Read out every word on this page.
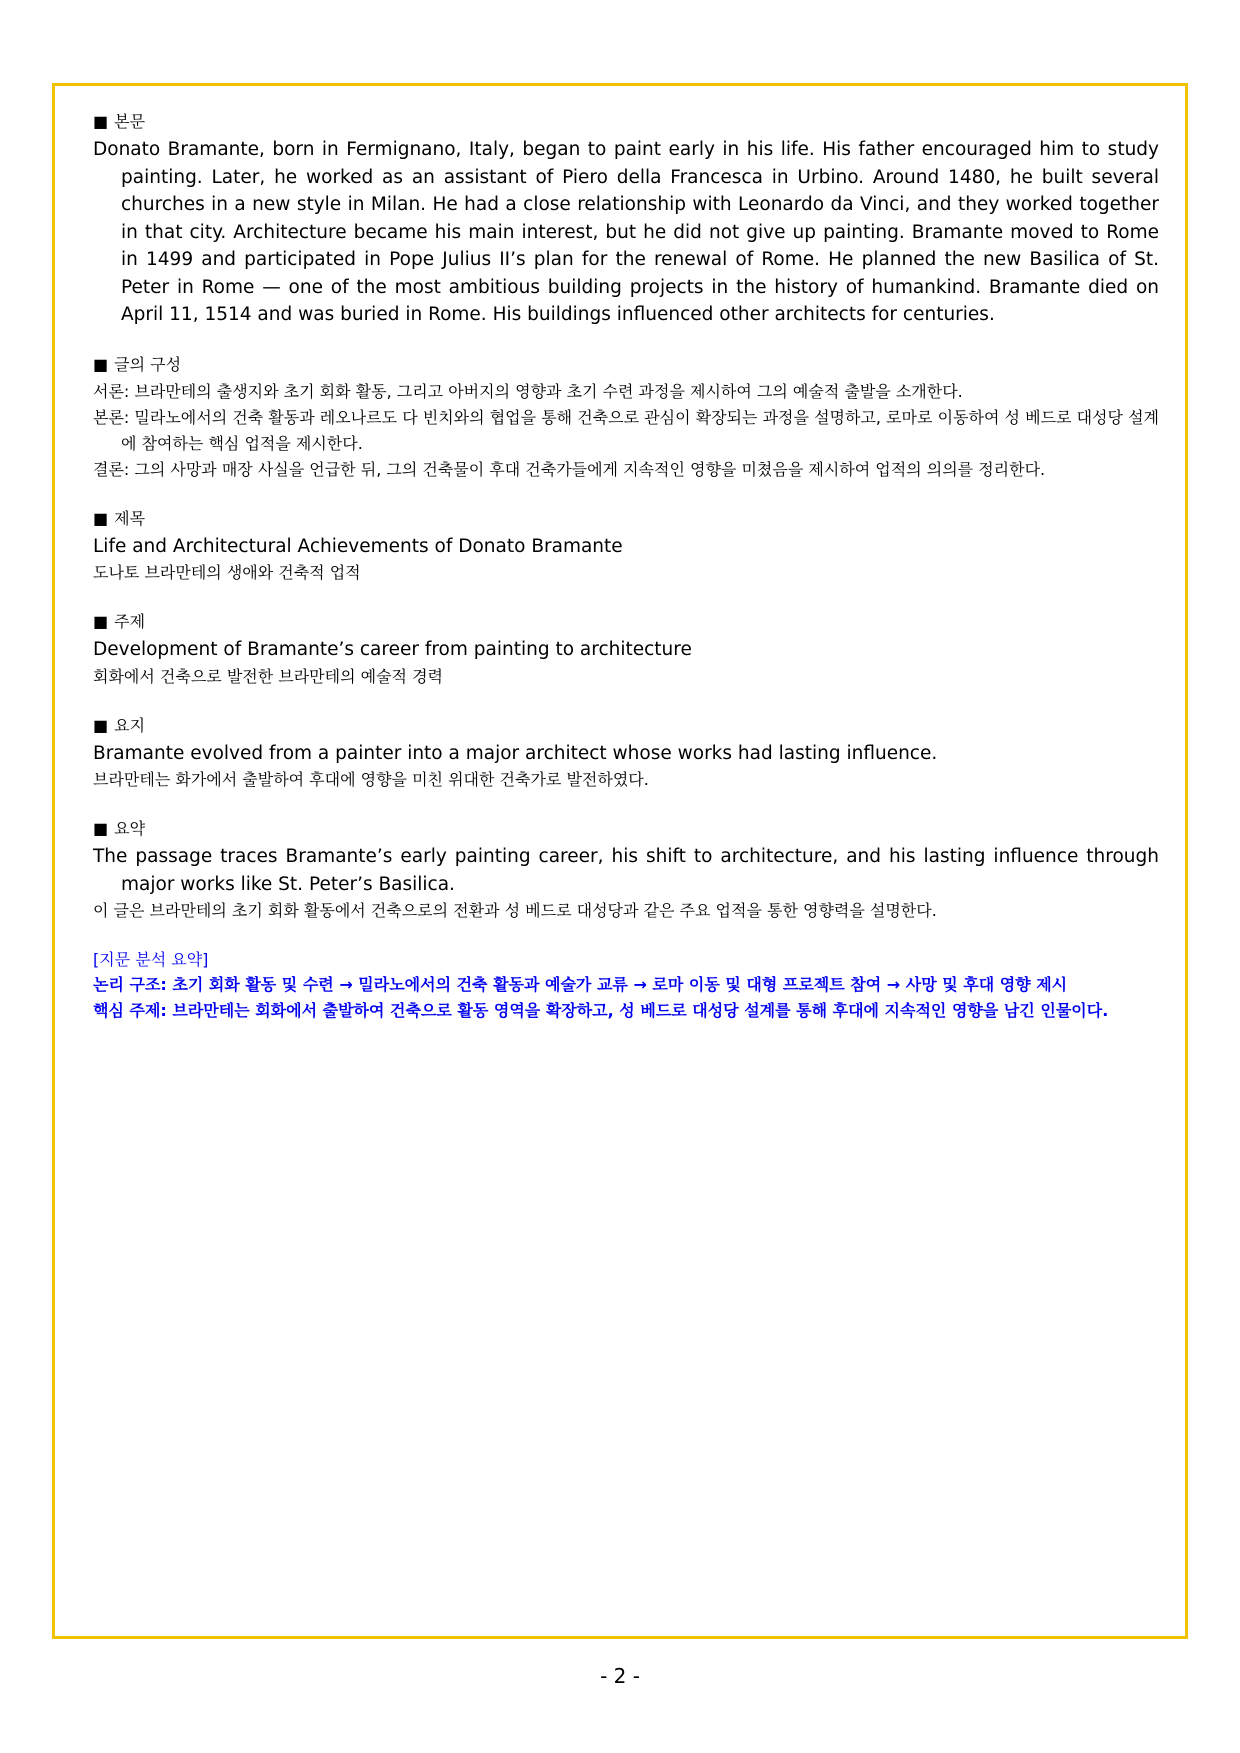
■ 본문
Donato Bramante, born in Fermignano, Italy, began to paint early in his life. His father encouraged him to study painting. Later, he worked as an assistant of Piero della Francesca in Urbino. Around 1480, he built several churches in a new style in Milan. He had a close relationship with Leonardo da Vinci, and they worked together in that city. Architecture became his main interest, but he did not give up painting. Bramante moved to Rome in 1499 and participated in Pope Julius II’s plan for the renewal of Rome. He planned the new Basilica of St. Peter in Rome — one of the most ambitious building projects in the history of humankind. Bramante died on April 11, 1514 and was buried in Rome. His buildings influenced other architects for centuries.
■ 글의 구성
서론: 브라만테의 출생지와 초기 회화 활동, 그리고 아버지의 영향과 초기 수련 과정을 제시하여 그의 예술적 출발을 소개한다.
본론: 밀라노에서의 건축 활동과 레오나르도 다 빈치와의 협업을 통해 건축으로 관심이 확장되는 과정을 설명하고, 로마로 이동하여 성 베드로 대성당 설계에 참여하는 핵심 업적을 제시한다.
결론: 그의 사망과 매장 사실을 언급한 뒤, 그의 건축물이 후대 건축가들에게 지속적인 영향을 미쳤음을 제시하여 업적의 의의를 정리한다.
■ 제목
Life and Architectural Achievements of Donato Bramante
도나토 브라만테의 생애와 건축적 업적
■ 주제
Development of Bramante’s career from painting to architecture
회화에서 건축으로 발전한 브라만테의 예술적 경력
■ 요지
Bramante evolved from a painter into a major architect whose works had lasting influence.
브라만테는 화가에서 출발하여 후대에 영향을 미친 위대한 건축가로 발전하였다.
■ 요약
The passage traces Bramante’s early painting career, his shift to architecture, and his lasting influence through major works like St. Peter’s Basilica.
이 글은 브라만테의 초기 회화 활동에서 건축으로의 전환과 성 베드로 대성당과 같은 주요 업적을 통한 영향력을 설명한다.
[지문 분석 요약]
논리 구조: 초기 회화 활동 및 수련 → 밀라노에서의 건축 활동과 예술가 교류 → 로마 이동 및 대형 프로젝트 참여 → 사망 및 후대 영향 제시
핵심 주제: 브라만테는 회화에서 출발하여 건축으로 활동 영역을 확장하고, 성 베드로 대성당 설계를 통해 후대에 지속적인 영향을 남긴 인물이다.
- 2 -
